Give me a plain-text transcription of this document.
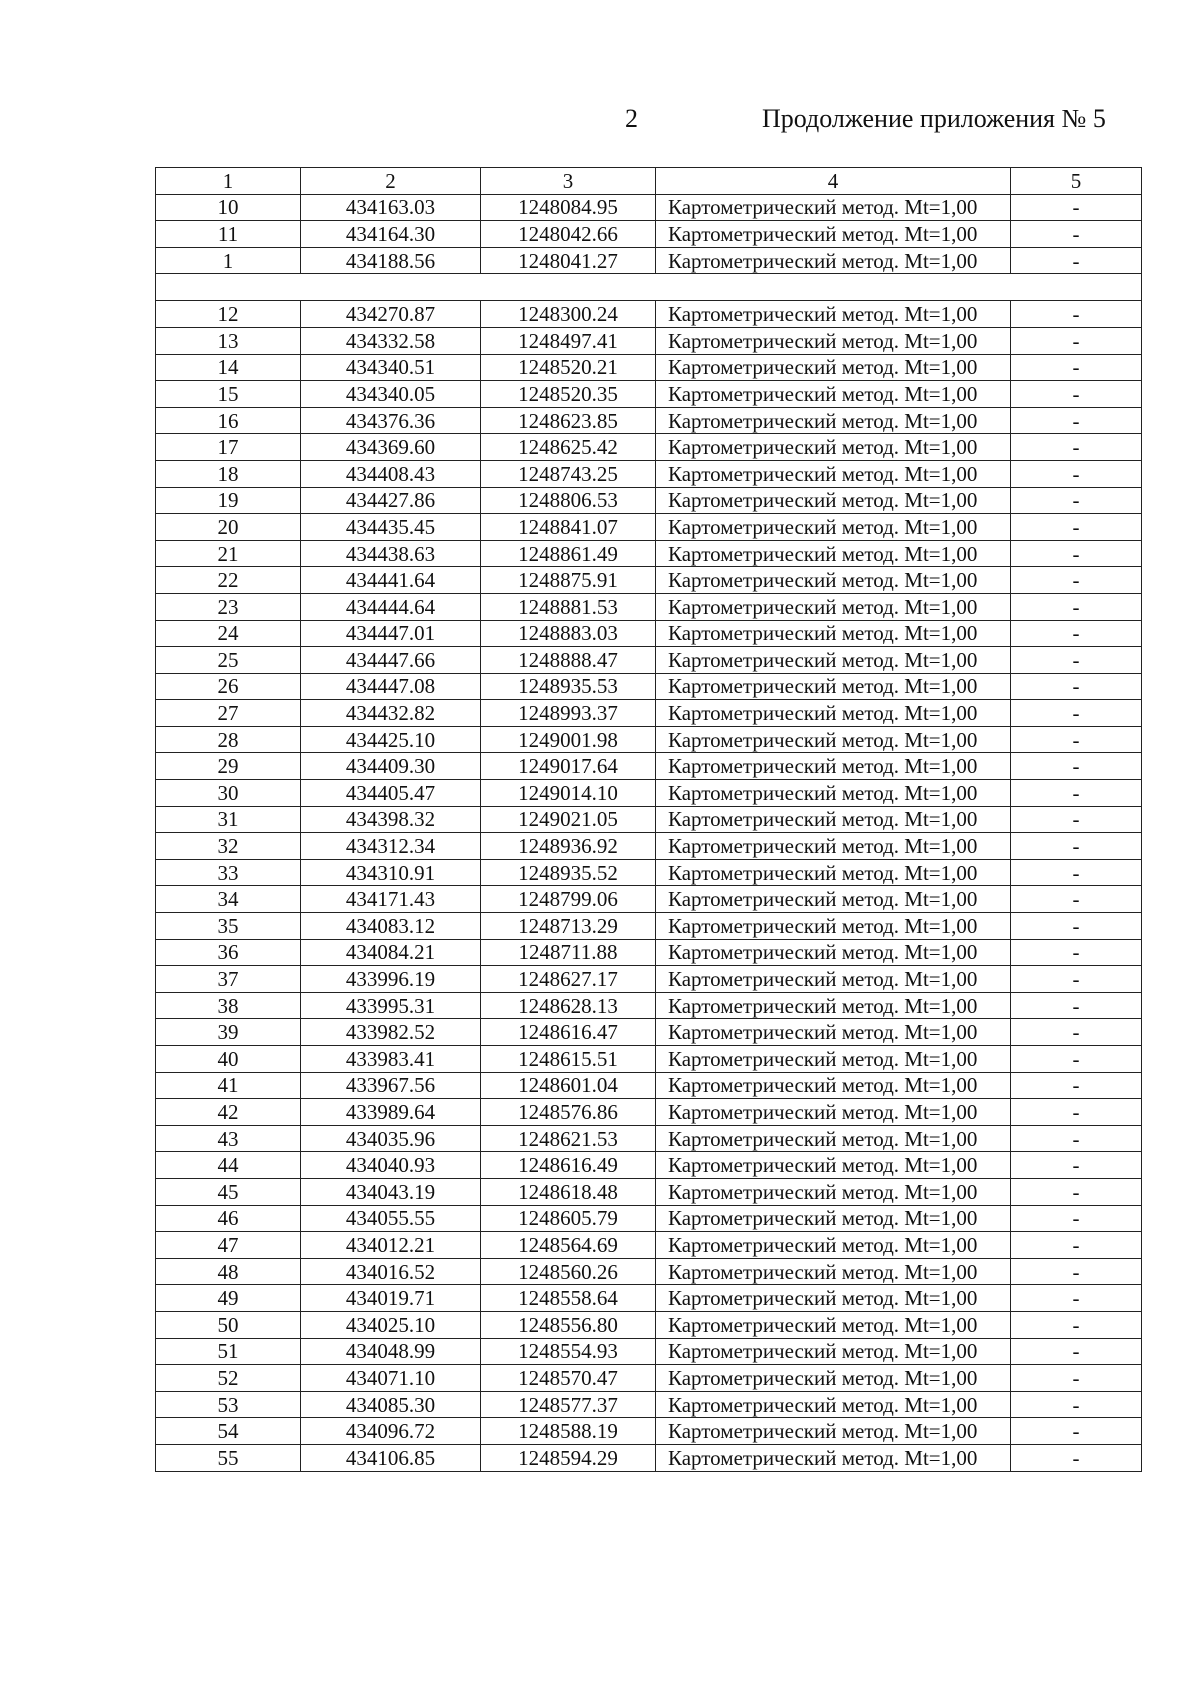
2	Продолжение приложения № 5
1	2	3	4	5
10	434163.03	1248084.95	Картометрический метод. Mt=1,00	-
11	434164.30	1248042.66	Картометрический метод. Mt=1,00	-
1	434188.56	1248041.27	Картометрический метод. Mt=1,00	-

12	434270.87	1248300.24	Картометрический метод. Mt=1,00	-
13	434332.58	1248497.41	Картометрический метод. Mt=1,00	-
14	434340.51	1248520.21	Картометрический метод. Mt=1,00	-
15	434340.05	1248520.35	Картометрический метод. Mt=1,00	-
16	434376.36	1248623.85	Картометрический метод. Mt=1,00	-
17	434369.60	1248625.42	Картометрический метод. Mt=1,00	-
18	434408.43	1248743.25	Картометрический метод. Mt=1,00	-
19	434427.86	1248806.53	Картометрический метод. Mt=1,00	-
20	434435.45	1248841.07	Картометрический метод. Mt=1,00	-
21	434438.63	1248861.49	Картометрический метод. Mt=1,00	-
22	434441.64	1248875.91	Картометрический метод. Mt=1,00	-
23	434444.64	1248881.53	Картометрический метод. Mt=1,00	-
24	434447.01	1248883.03	Картометрический метод. Mt=1,00	-
25	434447.66	1248888.47	Картометрический метод. Mt=1,00	-
26	434447.08	1248935.53	Картометрический метод. Mt=1,00	-
27	434432.82	1248993.37	Картометрический метод. Mt=1,00	-
28	434425.10	1249001.98	Картометрический метод. Mt=1,00	-
29	434409.30	1249017.64	Картометрический метод. Mt=1,00	-
30	434405.47	1249014.10	Картометрический метод. Mt=1,00	-
31	434398.32	1249021.05	Картометрический метод. Mt=1,00	-
32	434312.34	1248936.92	Картометрический метод. Mt=1,00	-
33	434310.91	1248935.52	Картометрический метод. Mt=1,00	-
34	434171.43	1248799.06	Картометрический метод. Mt=1,00	-
35	434083.12	1248713.29	Картометрический метод. Mt=1,00	-
36	434084.21	1248711.88	Картометрический метод. Mt=1,00	-
37	433996.19	1248627.17	Картометрический метод. Mt=1,00	-
38	433995.31	1248628.13	Картометрический метод. Mt=1,00	-
39	433982.52	1248616.47	Картометрический метод. Mt=1,00	-
40	433983.41	1248615.51	Картометрический метод. Mt=1,00	-
41	433967.56	1248601.04	Картометрический метод. Mt=1,00	-
42	433989.64	1248576.86	Картометрический метод. Mt=1,00	-
43	434035.96	1248621.53	Картометрический метод. Mt=1,00	-
44	434040.93	1248616.49	Картометрический метод. Mt=1,00	-
45	434043.19	1248618.48	Картометрический метод. Mt=1,00	-
46	434055.55	1248605.79	Картометрический метод. Mt=1,00	-
47	434012.21	1248564.69	Картометрический метод. Mt=1,00	-
48	434016.52	1248560.26	Картометрический метод. Mt=1,00	-
49	434019.71	1248558.64	Картометрический метод. Mt=1,00	-
50	434025.10	1248556.80	Картометрический метод. Mt=1,00	-
51	434048.99	1248554.93	Картометрический метод. Mt=1,00	-
52	434071.10	1248570.47	Картометрический метод. Mt=1,00	-
53	434085.30	1248577.37	Картометрический метод. Mt=1,00	-
54	434096.72	1248588.19	Картометрический метод. Mt=1,00	-
55	434106.85	1248594.29	Картометрический метод. Mt=1,00	-
